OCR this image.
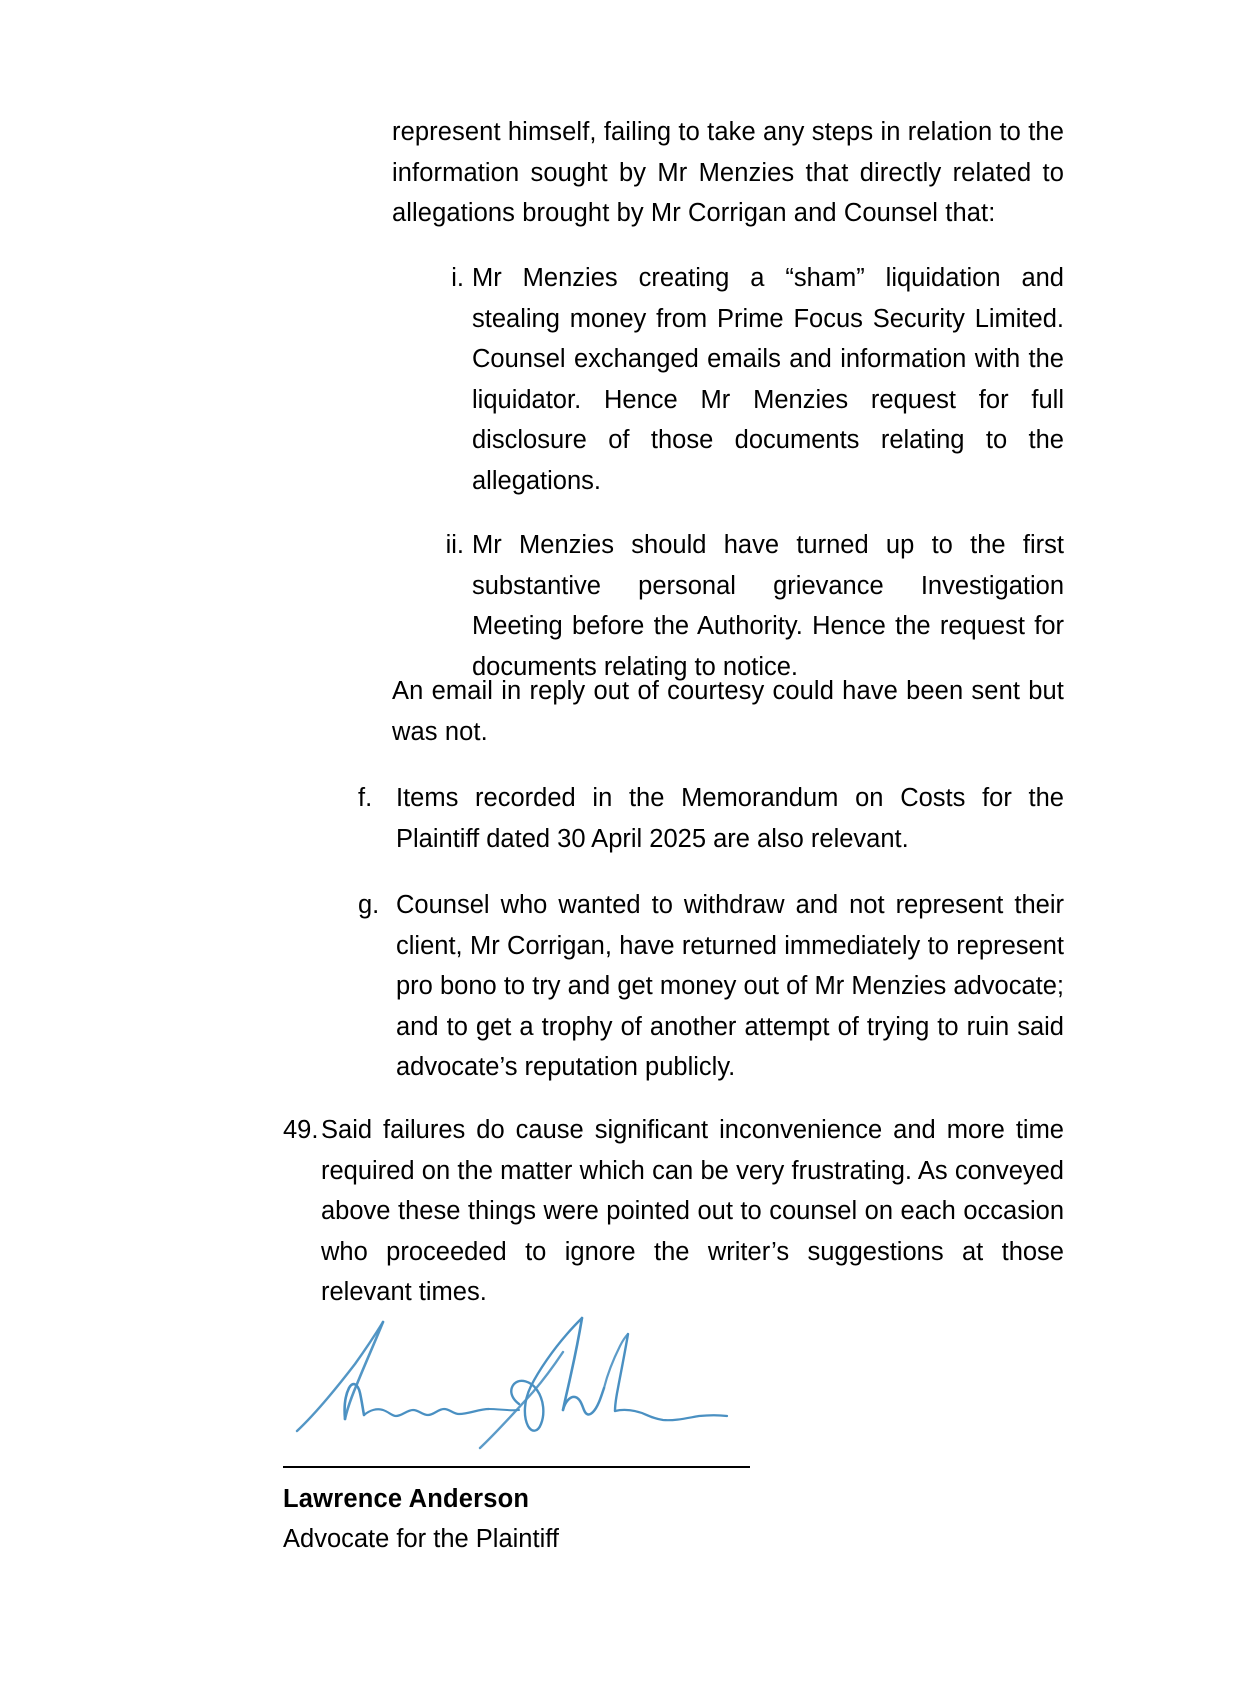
represent himself, failing to take any steps in relation to the information sought by Mr Menzies that directly related to allegations brought by Mr Corrigan and Counsel that:
i. Mr Menzies creating a “sham” liquidation and stealing money from Prime Focus Security Limited. Counsel exchanged emails and information with the liquidator. Hence Mr Menzies request for full disclosure of those documents relating to the allegations.
ii. Mr Menzies should have turned up to the first substantive personal grievance Investigation Meeting before the Authority. Hence the request for documents relating to notice.
An email in reply out of courtesy could have been sent but was not.
f. Items recorded in the Memorandum on Costs for the Plaintiff dated 30 April 2025 are also relevant.
g. Counsel who wanted to withdraw and not represent their client, Mr Corrigan, have returned immediately to represent pro bono to try and get money out of Mr Menzies advocate; and to get a trophy of another attempt of trying to ruin said advocate’s reputation publicly.
49. Said failures do cause significant inconvenience and more time required on the matter which can be very frustrating. As conveyed above these things were pointed out to counsel on each occasion who proceeded to ignore the writer’s suggestions at those relevant times.
Lawrence Anderson
Advocate for the Plaintiff
